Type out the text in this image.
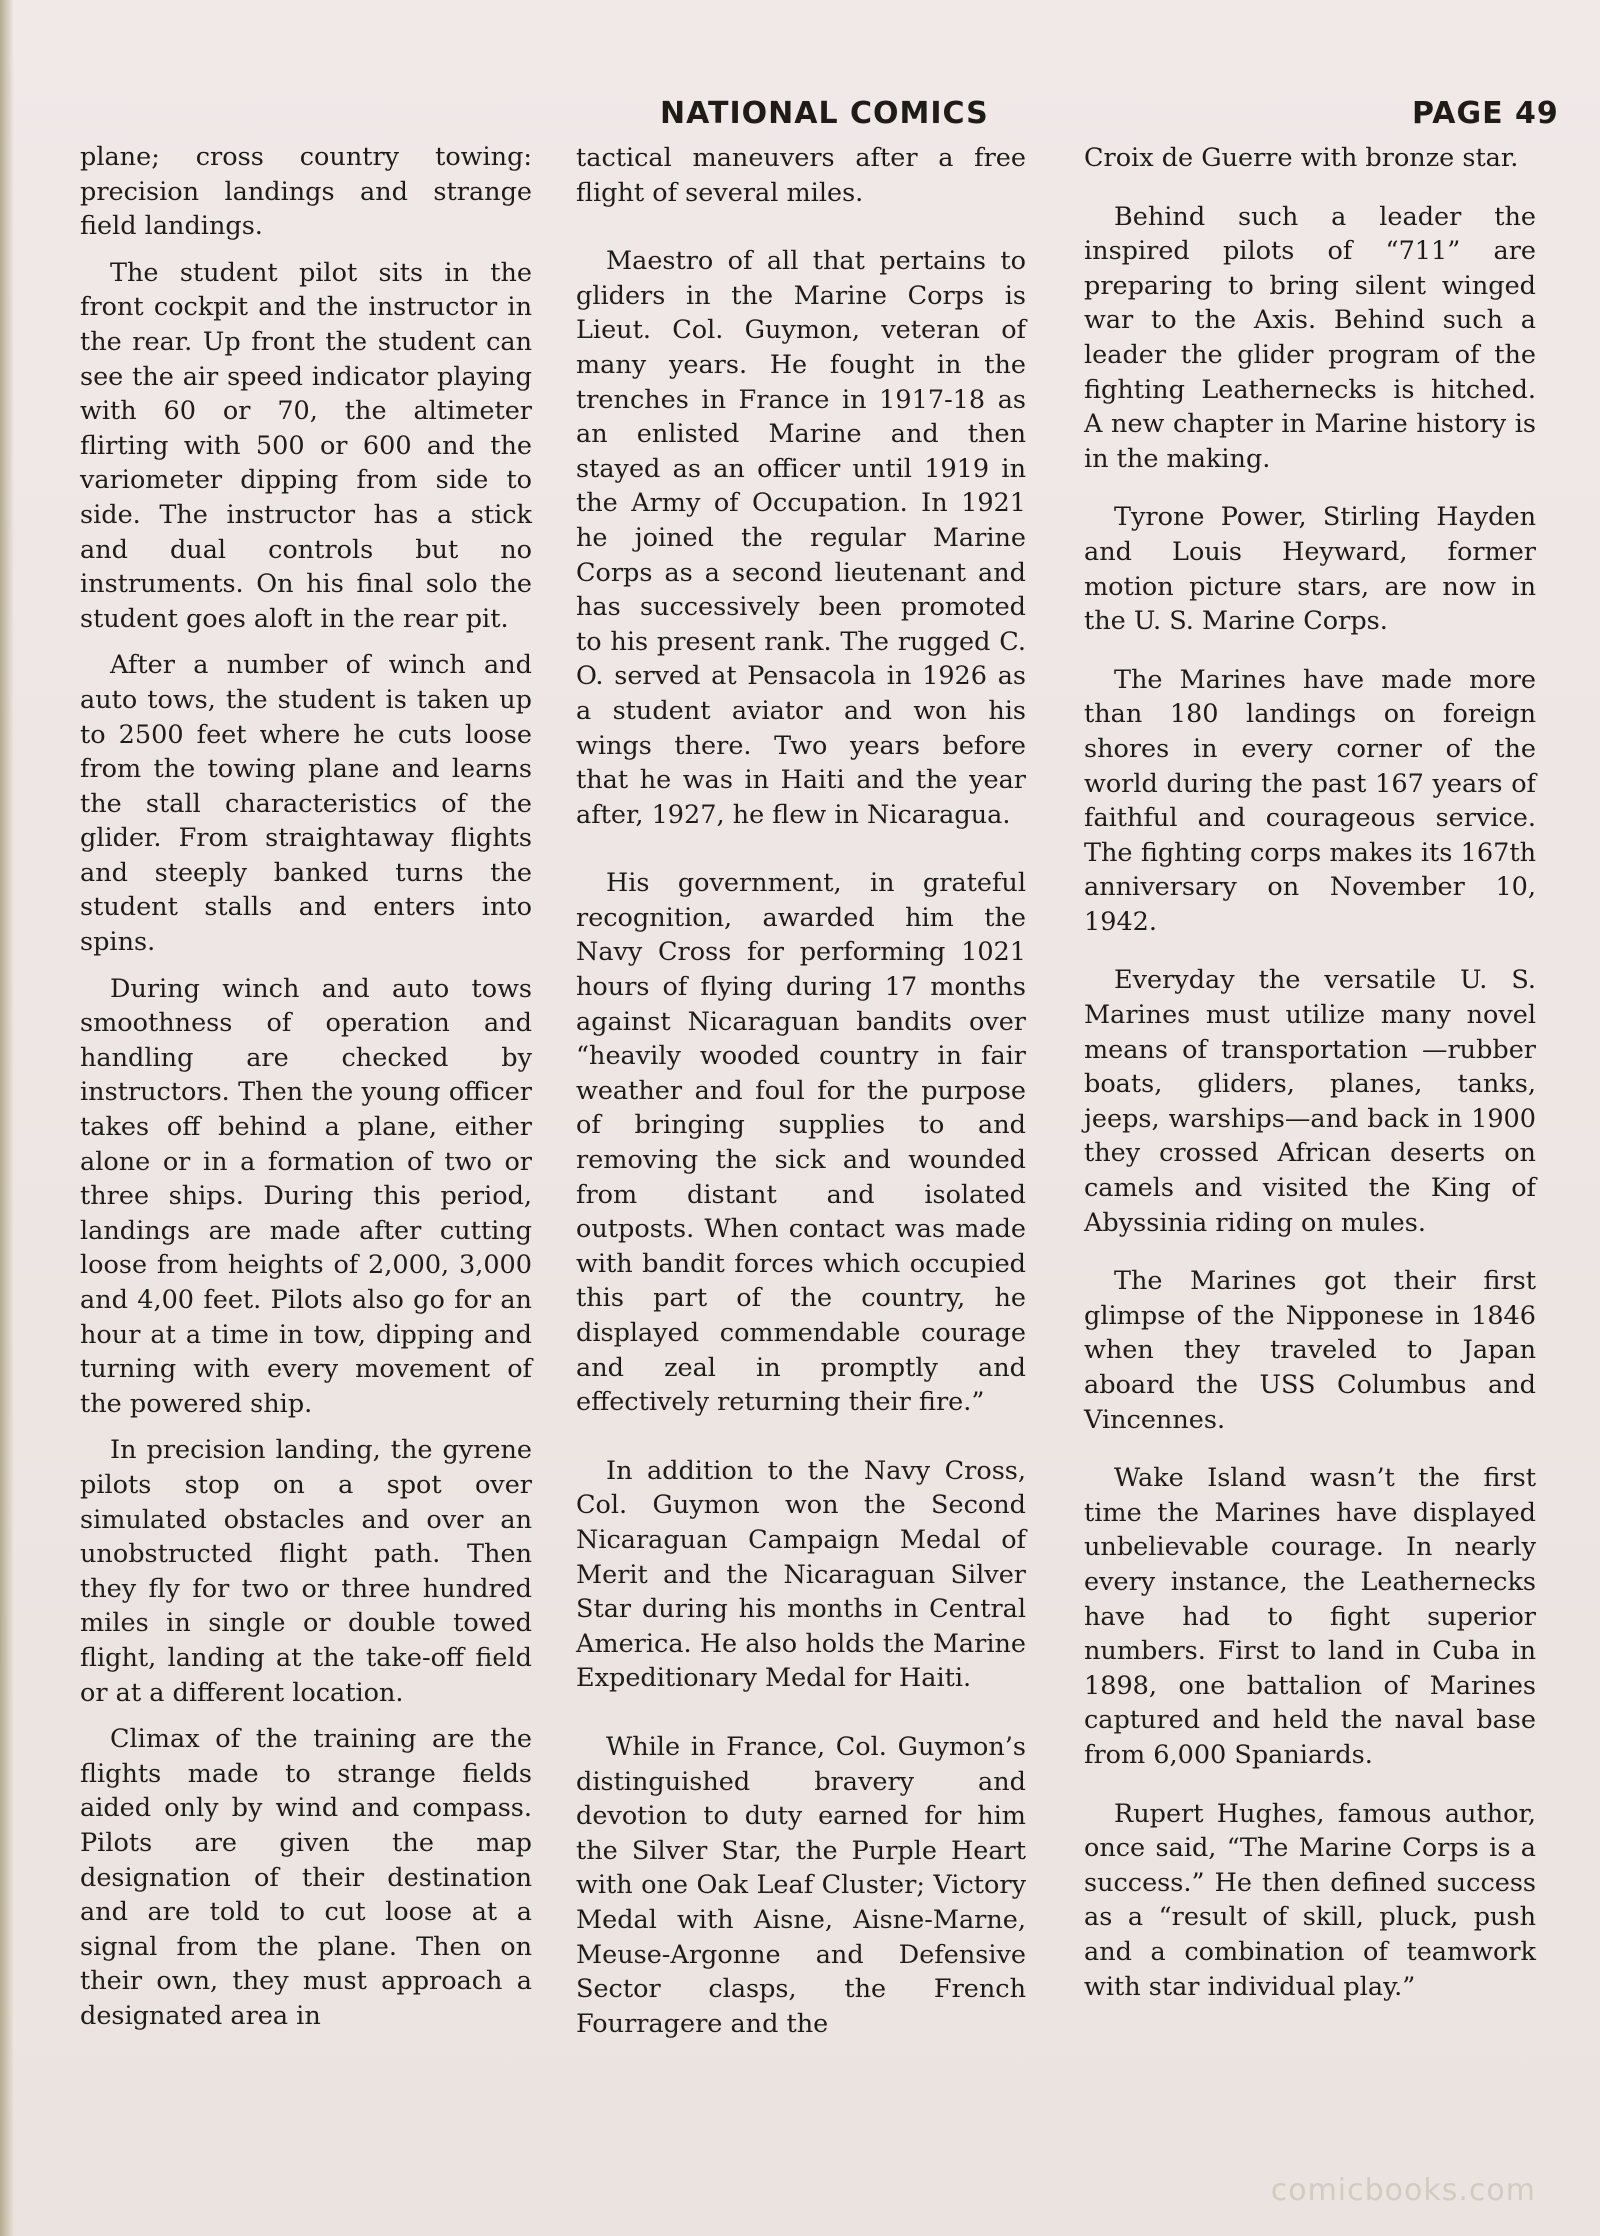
NATIONAL COMICS	PAGE 49

plane; cross country towing: precision landings and strange field landings.

The student pilot sits in the front cockpit and the instructor in the rear. Up front the student can see the air speed indicator playing with 60 or 70, the altimeter flirting with 500 or 600 and the variometer dipping from side to side. The instructor has a stick and dual controls but no instruments. On his final solo the student goes aloft in the rear pit.

After a number of winch and auto tows, the student is taken up to 2500 feet where he cuts loose from the towing plane and learns the stall characteristics of the glider. From straightaway flights and steeply banked turns the student stalls and enters into spins.

During winch and auto tows smoothness of operation and handling are checked by instructors. Then the young officer takes off behind a plane, either alone or in a formation of two or three ships. During this period, landings are made after cutting loose from heights of 2,000, 3,000 and 4,00 feet. Pilots also go for an hour at a time in tow, dipping and turning with every movement of the powered ship.

In precision landing, the gyrene pilots stop on a spot over simulated obstacles and over an unobstructed flight path. Then they fly for two or three hundred miles in single or double towed flight, landing at the take-off field or at a different location.

Climax of the training are the flights made to strange fields aided only by wind and compass. Pilots are given the map designation of their destination and are told to cut loose at a signal from the plane. Then on their own, they must approach a designated area in

tactical maneuvers after a free flight of several miles.

Maestro of all that pertains to gliders in the Marine Corps is Lieut. Col. Guymon, veteran of many years. He fought in the trenches in France in 1917-18 as an enlisted Marine and then stayed as an officer until 1919 in the Army of Occupation. In 1921 he joined the regular Marine Corps as a second lieutenant and has successively been promoted to his present rank. The rugged C. O. served at Pensacola in 1926 as a student aviator and won his wings there. Two years before that he was in Haiti and the year after, 1927, he flew in Nicaragua.

His government, in grateful recognition, awarded him the Navy Cross for performing 1021 hours of flying during 17 months against Nicaraguan bandits over “heavily wooded country in fair weather and foul for the purpose of bringing supplies to and removing the sick and wounded from distant and isolated outposts. When contact was made with bandit forces which occupied this part of the country, he displayed commendable courage and zeal in promptly and effectively returning their fire.”

In addition to the Navy Cross, Col. Guymon won the Second Nicaraguan Campaign Medal of Merit and the Nicaraguan Silver Star during his months in Central America. He also holds the Marine Expeditionary Medal for Haiti.

While in France, Col. Guymon’s distinguished bravery and devotion to duty earned for him the Silver Star, the Purple Heart with one Oak Leaf Cluster; Victory Medal with Aisne, Aisne-Marne, Meuse-Argonne and Defensive Sector clasps, the French Fourragere and the

Croix de Guerre with bronze star.

Behind such a leader the inspired pilots of “711” are preparing to bring silent winged war to the Axis. Behind such a leader the glider program of the fighting Leathernecks is hitched. A new chapter in Marine history is in the making.

Tyrone Power, Stirling Hayden and Louis Heyward, former motion picture stars, are now in the U. S. Marine Corps.

The Marines have made more than 180 landings on foreign shores in every corner of the world during the past 167 years of faithful and courageous service. The fighting corps makes its 167th anniversary on November 10, 1942.

Everyday the versatile U. S. Marines must utilize many novel means of transportation —rubber boats, gliders, planes, tanks, jeeps, warships—and back in 1900 they crossed African deserts on camels and visited the King of Abyssinia riding on mules.

The Marines got their first glimpse of the Nipponese in 1846 when they traveled to Japan aboard the USS Columbus and Vincennes.

Wake Island wasn’t the first time the Marines have displayed unbelievable courage. In nearly every instance, the Leathernecks have had to fight superior numbers. First to land in Cuba in 1898, one battalion of Marines captured and held the naval base from 6,000 Spaniards.

Rupert Hughes, famous author, once said, “The Marine Corps is a success.” He then defined success as a “result of skill, pluck, push and a combination of teamwork with star individual play.”

comicbooks.com
